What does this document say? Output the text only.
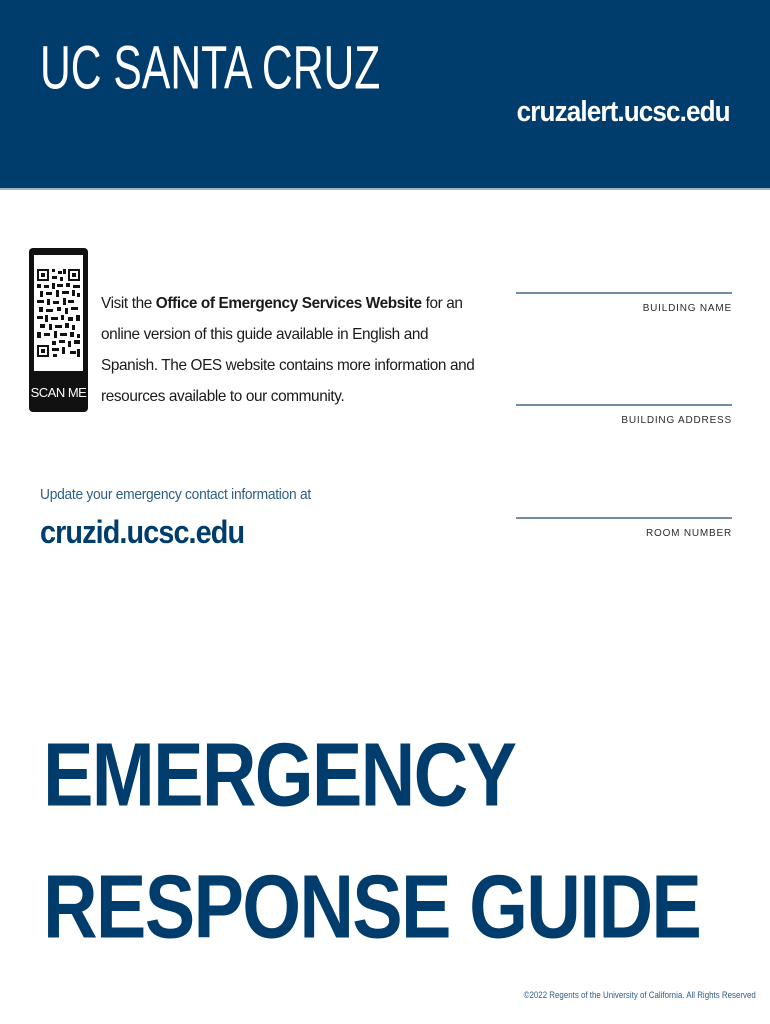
UC SANTA CRUZ
cruzalert.ucsc.edu
SCAN ME
Visit the Office of Emergency Services Website for an online version of this guide available in English and Spanish. The OES website contains more information and resources available to our community.
BUILDING NAME
BUILDING ADDRESS
ROOM NUMBER
Update your emergency contact information at
cruzid.ucsc.edu
EMERGENCY
RESPONSE GUIDE
©2022 Regents of the University of California. All Rights Reserved
